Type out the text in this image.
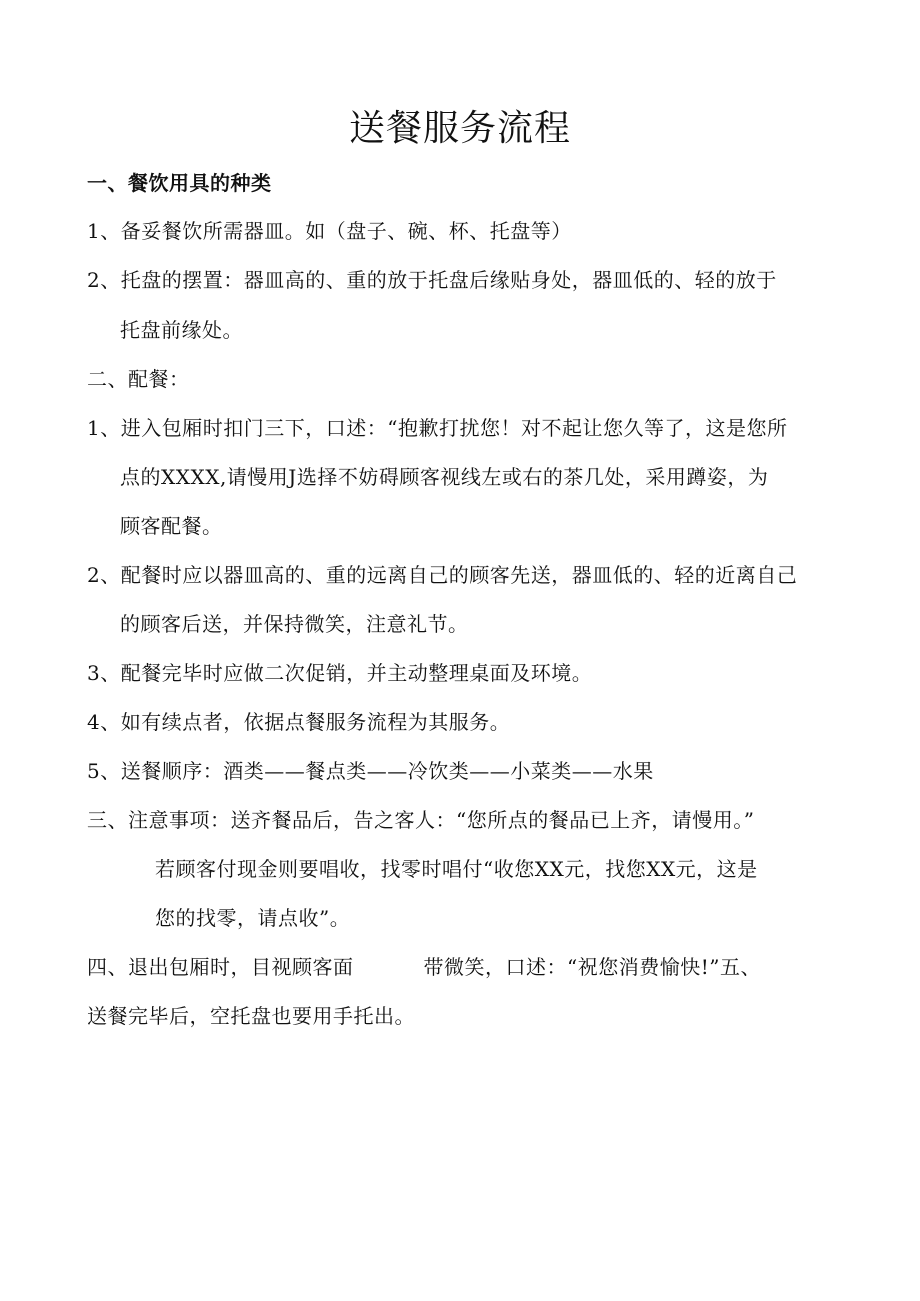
送餐服务流程
一、餐饮用具的种类
1、备妥餐饮所需器皿。如（盘子、碗、杯、托盘等）
2、托盘的摆置：器皿高的、重的放于托盘后缘贴身处，器皿低的、轻的放于
托盘前缘处。
二、配餐：
1、进入包厢时扣门三下，口述：“抱歉打扰您！对不起让您久等了，这是您所
点的XXXX,请慢用J选择不妨碍顾客视线左或右的茶几处，采用蹲姿，为
顾客配餐。
2、配餐时应以器皿高的、重的远离自己的顾客先送，器皿低的、轻的近离自己
的顾客后送，并保持微笑，注意礼节。
3、配餐完毕时应做二次促销，并主动整理桌面及环境。
4、如有续点者，依据点餐服务流程为其服务。
5、送餐顺序：酒类——餐点类——冷饮类——小菜类——水果
三、注意事项：送齐餐品后，告之客人：“您所点的餐品已上齐，请慢用。”
若顾客付现金则要唱收，找零时唱付“收您XX元，找您XX元，这是
您的找零，请点收”。
四、退出包厢时，目视顾客面	带微笑，口述：“祝您消费愉快!”五、
送餐完毕后，空托盘也要用手托出。
